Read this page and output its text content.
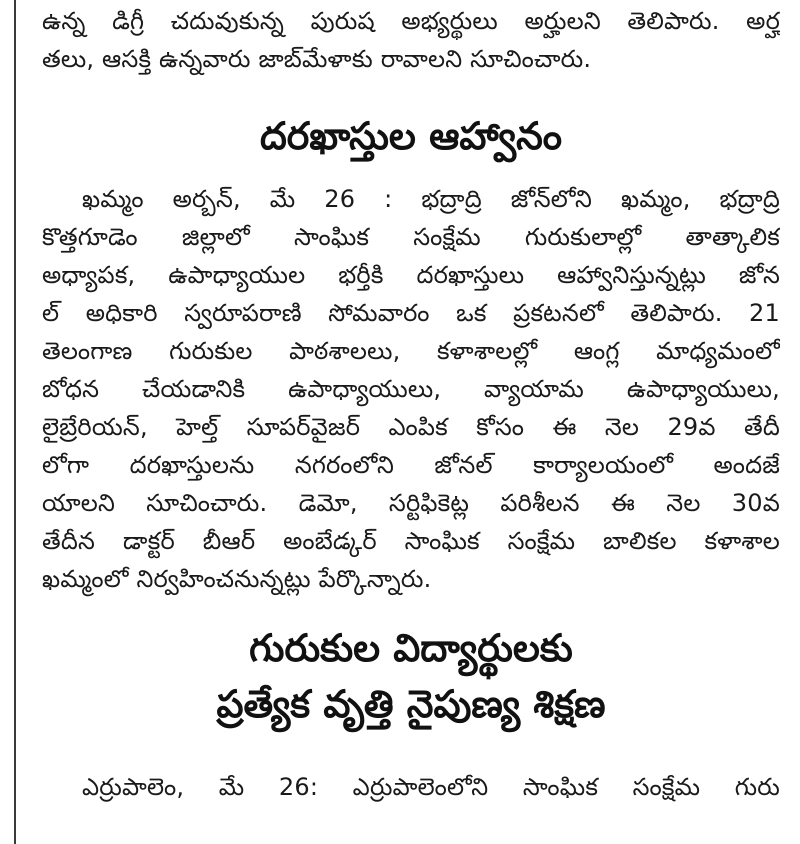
ఉన్న డిగ్రీ చదువుకున్న పురుష అభ్యర్థులు అర్హులని తెలిపారు. అర్హ
తలు, ఆసక్తి ఉన్నవారు జాబ్‌మేళాకు రావాలని సూచించారు.
దరఖాస్తుల ఆహ్వానం
ఖమ్మం అర్బన్‌, మే 26 : భద్రాద్రి జోన్‌లోని ఖమ్మం, భద్రాద్రి
కొత్తగూడెం జిల్లాలో సాంఘిక సంక్షేమ గురుకులాల్లో తాత్కాలిక
అధ్యాపక, ఉపాధ్యాయుల భర్తీకి దరఖాస్తులు ఆహ్వానిస్తున్నట్లు జోన
ల్‌ అధికారి స్వరూపరాణి సోమవారం ఒక ప్రకటనలో తెలిపారు. 21
తెలంగాణ గురుకుల పాఠశాలలు, కళాశాలల్లో ఆంగ్ల మాధ్యమంలో
బోధన చేయడానికి ఉపాధ్యాయులు, వ్యాయామ ఉపాధ్యాయులు,
లైబ్రేరియన్‌, హెల్త్‌ సూపర్‌వైజర్‌ ఎంపిక కోసం ఈ నెల 29వ తేదీ
లోగా దరఖాస్తులను నగరంలోని జోనల్‌ కార్యాలయంలో అందజే
యాలని సూచించారు. డెమో, సర్టిఫికెట్ల పరిశీలన ఈ నెల 30వ
తేదీన డాక్టర్‌ బీఆర్‌ అంబేడ్కర్‌ సాంఘిక సంక్షేమ బాలికల కళాశాల
ఖమ్మంలో నిర్వహించనున్నట్లు పేర్కొన్నారు.
గురుకుల విద్యార్థులకు
ప్రత్యేక వృత్తి నైపుణ్య శిక్షణ
ఎర్రుపాలెం, మే 26: ఎర్రుపాలెంలోని సాంఘిక సంక్షేమ గురు
